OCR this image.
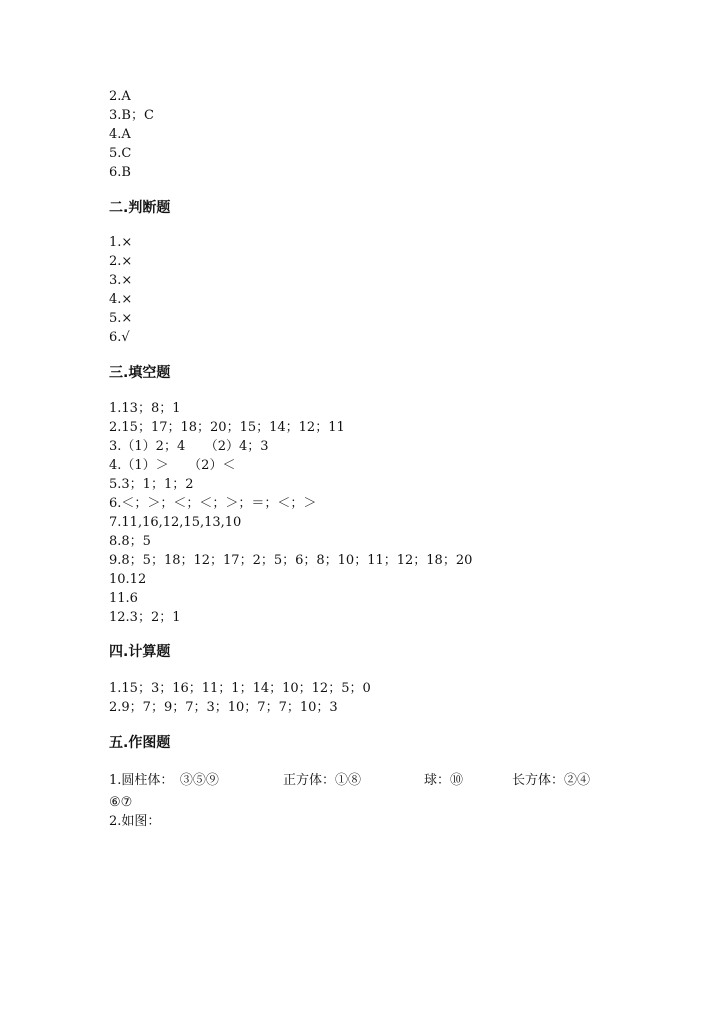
2.A
3.B；C
4.A
5.C
6.B
二.判断题
1.×
2.×
3.×
4.×
5.×
6.√
三.填空题
1.13；8；1
2.15；17；18；20；15；14；12；11
3.（1）2；4　　（2）4；3
4.（1）＞　　（2）＜
5.3；1；1；2
6.＜；＞；＜；＜；＞；＝；＜；＞
7.11,16,12,15,13,10
8.8；5
9.8；5；18；12；17；2；5；6；8；10；11；12；18；20
10.12
11.6
12.3；2；1
四.计算题
1.15；3；16；11；1；14；10；12；5；0
2.9；7；9；7；3；10；7；7；10；3
五.作图题
1.圆柱体：　③⑤⑨	正方体：①⑧	球：⑩	长方体：②④
⑥⑦
2.如图：
